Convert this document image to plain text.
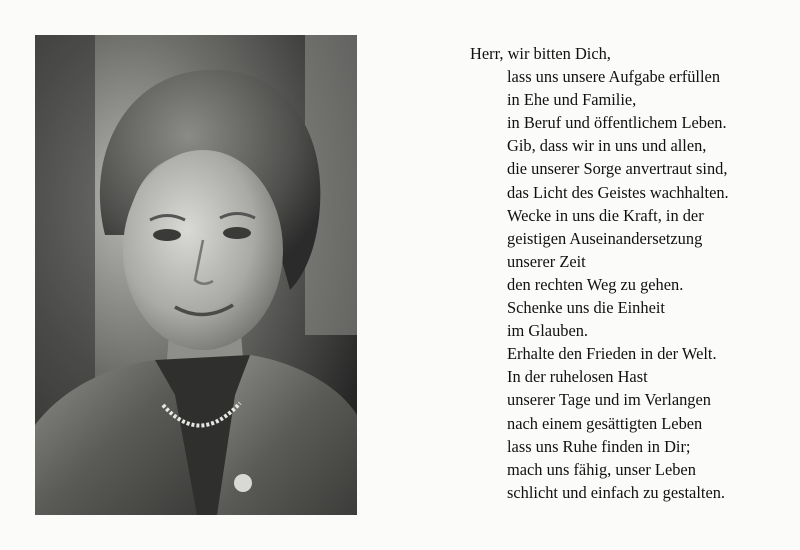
Herr, wir bitten Dich,
lass uns unsere Aufgabe erfüllen
in Ehe und Familie,
in Beruf und öffentlichem Leben.
Gib, dass wir in uns und allen,
die unserer Sorge anvertraut sind,
das Licht des Geistes wachhalten.
Wecke in uns die Kraft, in der
geistigen Auseinandersetzung
unserer Zeit
den rechten Weg zu gehen.
Schenke uns die Einheit
im Glauben.
Erhalte den Frieden in der Welt.
In der ruhelosen Hast
unserer Tage und im Verlangen
nach einem gesättigten Leben
lass uns Ruhe finden in Dir;
mach uns fähig, unser Leben
schlicht und einfach zu gestalten.
